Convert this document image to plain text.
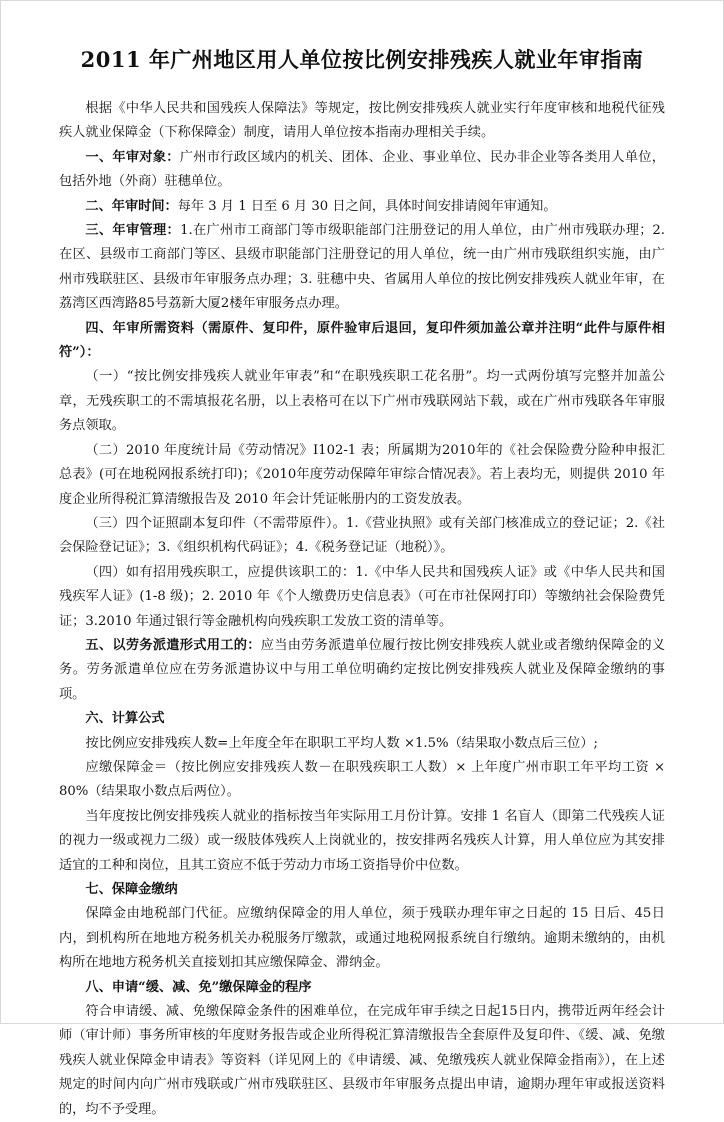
2011 年广州地区用人单位按比例安排残疾人就业年审指南

根据《中华人民共和国残疾人保障法》等规定，按比例安排残疾人就业实行年度审核和地税代征残疾人就业保障金（下称保障金）制度，请用人单位按本指南办理相关手续。

一、年审对象：广州市行政区域内的机关、团体、企业、事业单位、民办非企业等各类用人单位，包括外地（外商）驻穗单位。

二、年审时间：每年 3 月 1 日至 6 月 30 日之间，具体时间安排请阅年审通知。

三、年审管理：1.在广州市工商部门等市级职能部门注册登记的用人单位，由广州市残联办理；2. 在区、县级市工商部门等区、县级市职能部门注册登记的用人单位，统一由广州市残联组织实施，由广州市残联驻区、县级市年审服务点办理；3. 驻穗中央、省属用人单位的按比例安排残疾人就业年审，在荔湾区西湾路85号荔新大厦2楼年审服务点办理。

四、年审所需资料（需原件、复印件，原件验审后退回，复印件须加盖公章并注明“此件与原件相符”）：

（一）“按比例安排残疾人就业年审表”和“在职残疾职工花名册”。均一式两份填写完整并加盖公章，无残疾职工的不需填报花名册，以上表格可在以下广州市残联网站下载，或在广州市残联各年审服务点领取。

（二）2010 年度统计局《劳动情况》I102-1 表；所属期为2010年的《社会保险费分险种申报汇总表》(可在地税网报系统打印)；《2010年度劳动保障年审综合情况表》。若上表均无，则提供 2010 年度企业所得税汇算清缴报告及 2010 年会计凭证帐册内的工资发放表。

（三）四个证照副本复印件（不需带原件）。1.《营业执照》或有关部门核准成立的登记证；2.《社会保险登记证》；3.《组织机构代码证》；4.《税务登记证（地税）》。

（四）如有招用残疾职工，应提供该职工的：1.《中华人民共和国残疾人证》或《中华人民共和国残疾军人证》(1-8 级)；2. 2010 年《个人缴费历史信息表》（可在市社保网打印）等缴纳社会保险费凭证；3.2010 年通过银行等金融机构向残疾职工发放工资的清单等。

五、以劳务派遣形式用工的：应当由劳务派遣单位履行按比例安排残疾人就业或者缴纳保障金的义务。劳务派遣单位应在劳务派遣协议中与用工单位明确约定按比例安排残疾人就业及保障金缴纳的事项。

六、计算公式

按比例应安排残疾人数=上年度全年在职职工平均人数 ×1.5%（结果取小数点后三位）;

应缴保障金＝（按比例应安排残疾人数－在职残疾职工人数）× 上年度广州市职工年平均工资 × 80%（结果取小数点后两位）。

当年度按比例安排残疾人就业的指标按当年实际用工月份计算。安排 1 名盲人（即第二代残疾人证的视力一级或视力二级）或一级肢体残疾人上岗就业的，按安排两名残疾人计算，用人单位应为其安排适宜的工种和岗位，且其工资应不低于劳动力市场工资指导价中位数。

七、保障金缴纳

保障金由地税部门代征。应缴纳保障金的用人单位，须于残联办理年审之日起的 15 日后、45日内，到机构所在地地方税务机关办税服务厅缴款，或通过地税网报系统自行缴纳。逾期未缴纳的，由机构所在地地方税务机关直接划扣其应缴保障金、滞纳金。

八、申请“缓、减、免”缴保障金的程序

符合申请缓、减、免缴保障金条件的困难单位，在完成年审手续之日起15日内，携带近两年经会计师（审计师）事务所审核的年度财务报告或企业所得税汇算清缴报告全套原件及复印件、《缓、减、免缴残疾人就业保障金申请表》等资料（详见网上的《申请缓、减、免缴残疾人就业保障金指南》），在上述规定的时间内向广州市残联或广州市残联驻区、县级市年审服务点提出申请，逾期办理年审或报送资料的，均不予受理。
